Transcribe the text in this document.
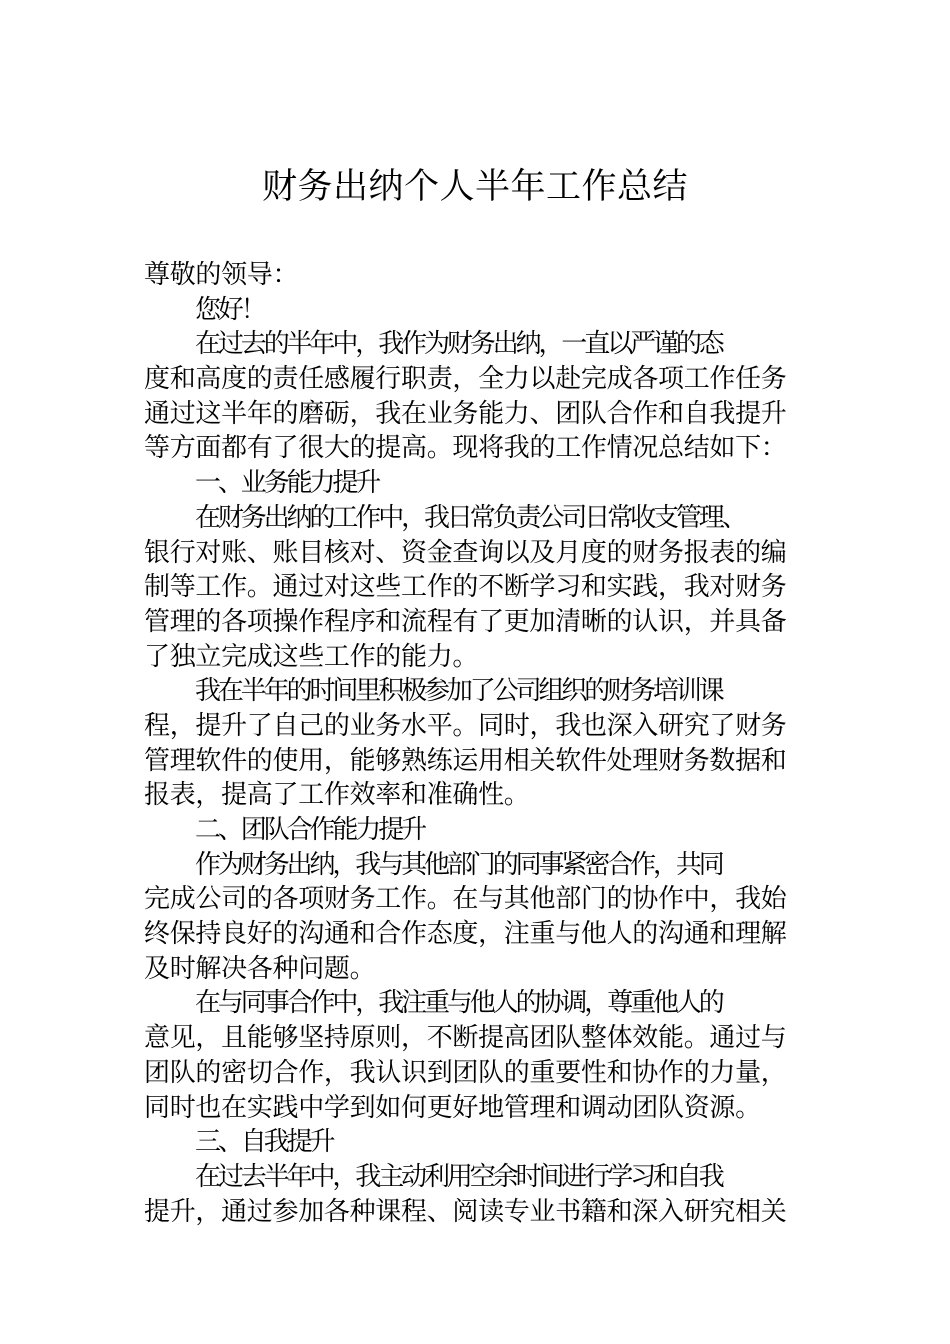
财务出纳个人半年工作总结
尊敬的领导：
您好！
在过去的半年中，我作为财务出纳，一直以严谨的态
度和高度的责任感履行职责，全力以赴完成各项工作任务
通过这半年的磨砺，我在业务能力、团队合作和自我提升
等方面都有了很大的提高。现将我的工作情况总结如下：
一、业务能力提升
在财务出纳的工作中，我日常负责公司日常收支管理、
银行对账、账目核对、资金查询以及月度的财务报表的编
制等工作。通过对这些工作的不断学习和实践，我对财务
管理的各项操作程序和流程有了更加清晰的认识，并具备
了独立完成这些工作的能力。
我在半年的时间里积极参加了公司组织的财务培训课
程，提升了自己的业务水平。同时，我也深入研究了财务
管理软件的使用，能够熟练运用相关软件处理财务数据和
报表，提高了工作效率和准确性。
二、团队合作能力提升
作为财务出纳，我与其他部门的同事紧密合作，共同
完成公司的各项财务工作。在与其他部门的协作中，我始
终保持良好的沟通和合作态度，注重与他人的沟通和理解
及时解决各种问题。
在与同事合作中，我注重与他人的协调，尊重他人的
意见，且能够坚持原则，不断提高团队整体效能。通过与
团队的密切合作，我认识到团队的重要性和协作的力量，
同时也在实践中学到如何更好地管理和调动团队资源。
三、自我提升
在过去半年中，我主动利用空余时间进行学习和自我
提升，通过参加各种课程、阅读专业书籍和深入研究相关
